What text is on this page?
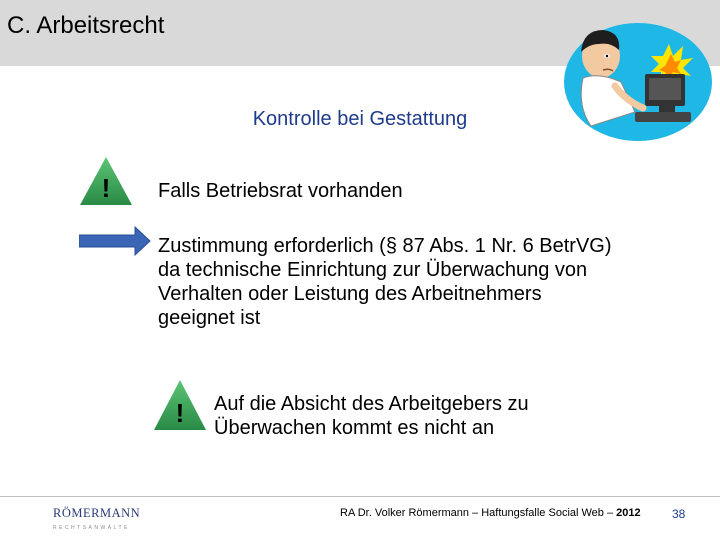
C. Arbeitsrecht
Kontrolle bei Gestattung
! Falls Betriebsrat vorhanden
Zustimmung erforderlich (§ 87 Abs. 1 Nr. 6 BetrVG)
da technische Einrichtung zur Überwachung von
Verhalten oder Leistung des Arbeitnehmers
geeignet ist
! Auf die Absicht des Arbeitgebers zu
Überwachen kommt es nicht an
RÖMERMANN
RECHTSANWÄLTE
RA Dr. Volker Römermann – Haftungsfalle Social Web – 2012	38
